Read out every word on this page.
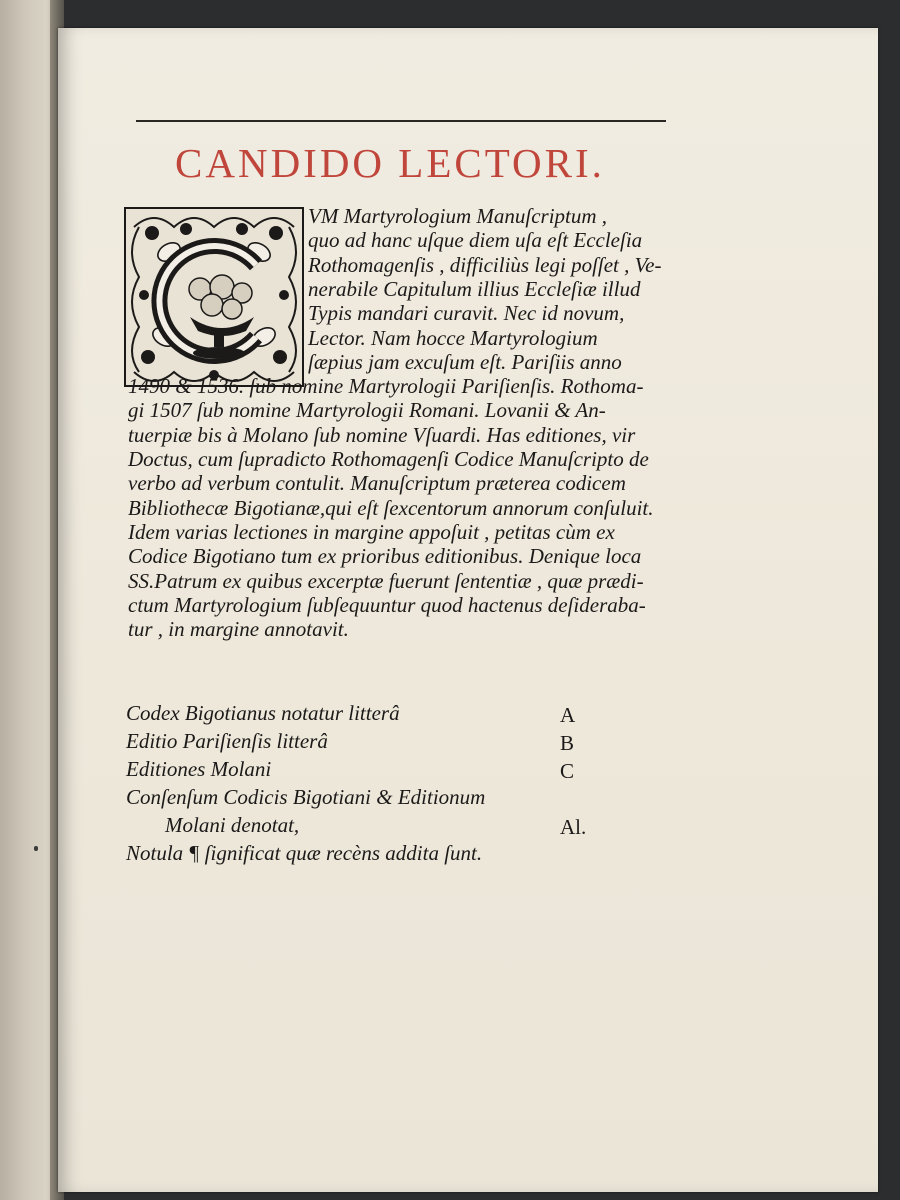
CANDIDO LECTORI.
VM Martyrologium Manuſcriptum ,
quo ad hanc uſque diem uſa eſt Eccleſia
Rothomagenſis , difficiliùs legi poſſet , Ve-
nerabile Capitulum illius Eccleſiæ illud
Typis mandari curavit. Nec id novum,
Lector. Nam hocce Martyrologium
ſæpius jam excuſum eſt. Pariſiis anno
1490 & 1536. ſub nomine Martyrologii Pariſienſis. Rothoma-
gi 1507 ſub nomine Martyrologii Romani. Lovanii & An-
tuerpiæ bis à Molano ſub nomine Vſuardi. Has editiones, vir
Doctus, cum ſupradicto Rothomagenſi Codice Manuſcripto de
verbo ad verbum contulit. Manuſcriptum præterea codicem
Bibliothecæ Bigotianæ,qui eſt ſexcentorum annorum conſuluit.
Idem varias lectiones in margine appoſuit , petitas cùm ex
Codice Bigotiano tum ex prioribus editionibus. Denique loca
SS.Patrum ex quibus excerptæ fuerunt ſententiæ , quæ prædi-
ctum Martyrologium ſubſequuntur quod hactenus deſiderаba-
tur , in margine annotavit.
Codex Bigotianus notatur litterâ	A
Editio Pariſienſis litterâ	B
Editiones Molani	C
Conſenſum Codicis Bigotiani & Editionum
Molani denotat,	Al.
Notula ¶ ſignificat quæ recèns addita ſunt.
